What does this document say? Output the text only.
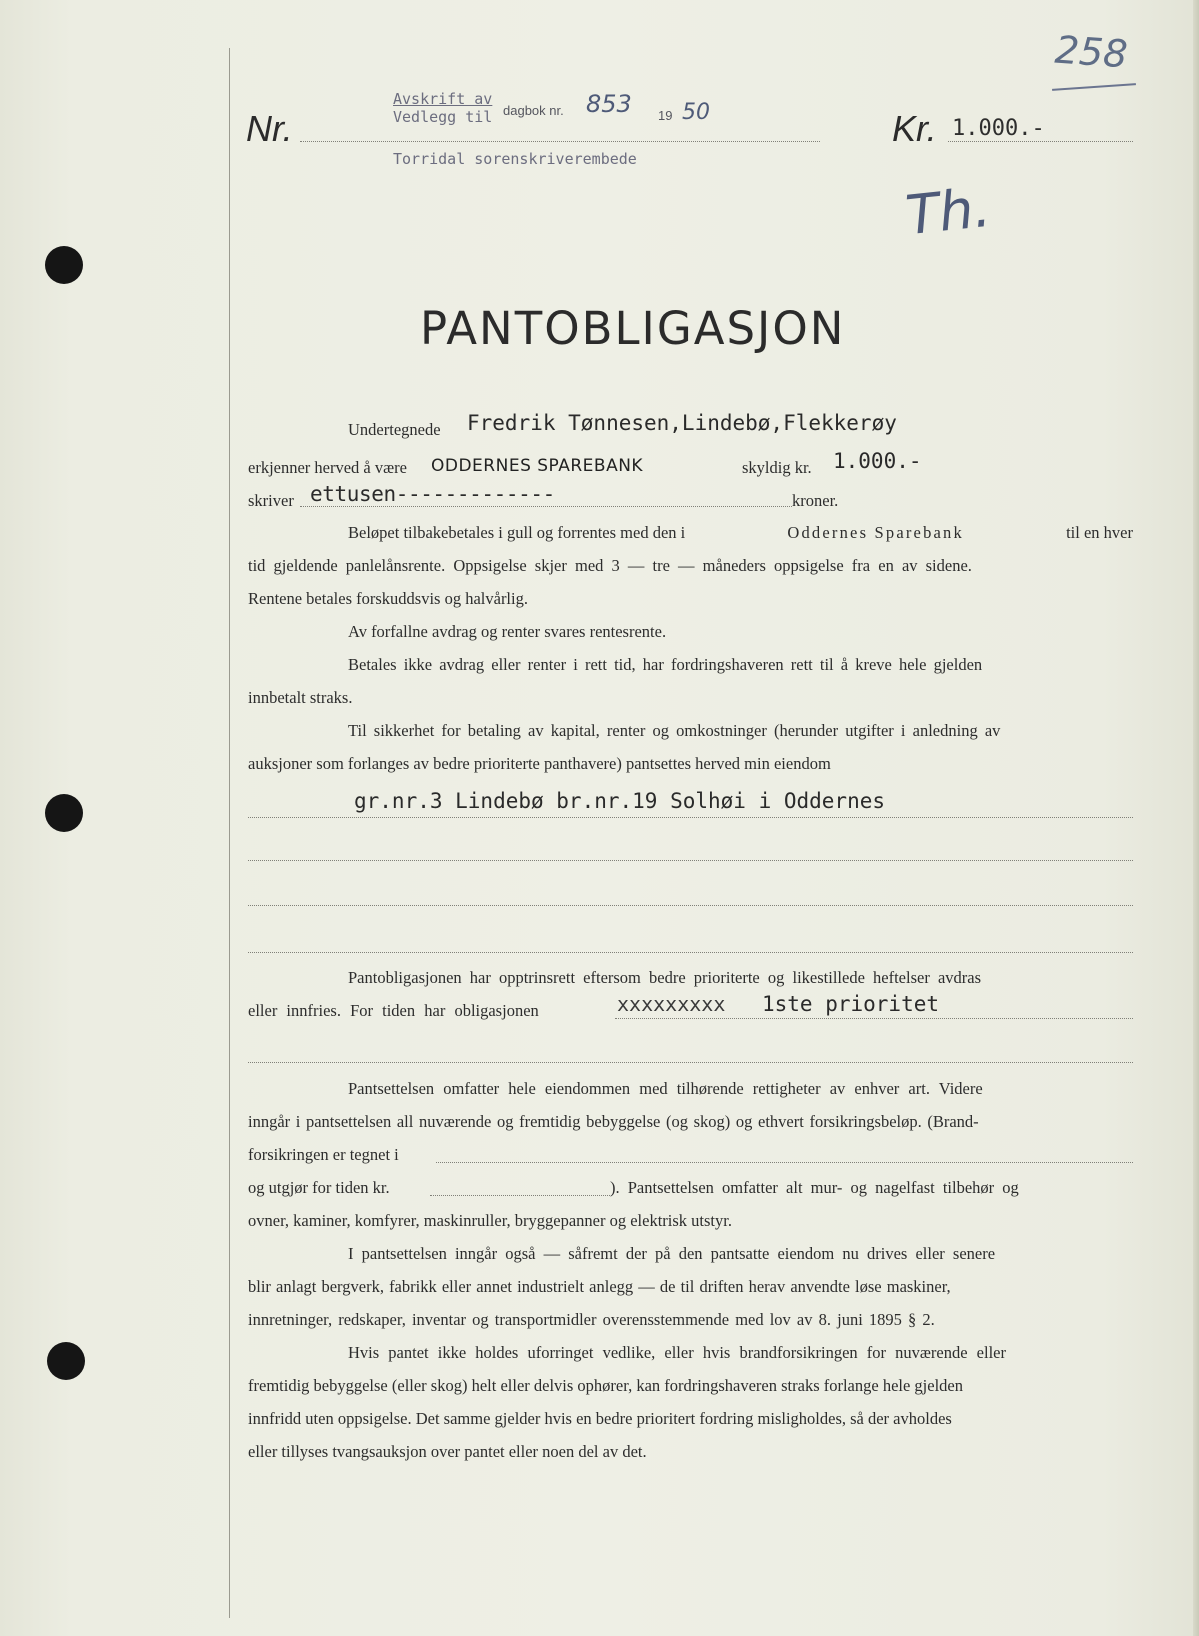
258
Nr.
Avskrift av
Vedlegg til dagbok nr. 853 19 50
Torridal sorenskriverembede
Kr. 1.000.-
Th.
PANTOBLIGASJON
Undertegnede Fredrik Tønnesen,Lindebø,Flekkerøy
erkjenner herved å være ODDERNES SPAREBANK	skyldig kr. 1.000.-
skriver ettusen-------------	kroner.
Beløpet tilbakebetales i gull og forrentes med den i	Oddernes Sparebank	til en hver
tid gjeldende panlelånsrente. Oppsigelse skjer med 3 — tre — måneders oppsigelse fra en av sidene.
Rentene betales forskuddsvis og halvårlig.
Av forfallne avdrag og renter svares rentesrente.
Betales ikke avdrag eller renter i rett tid, har fordringshaveren rett til å kreve hele gjelden
innbetalt straks.
Til sikkerhet for betaling av kapital, renter og omkostninger (herunder utgifter i anledning av
auksjoner som forlanges av bedre prioriterte panthavere) pantsettes herved min eiendom
gr.nr.3 Lindebø br.nr.19 Solhøi i Oddernes
Pantobligasjonen har opptrinsrett eftersom bedre prioriterte og likestillede heftelser avdras
eller innfries. For tiden har obligasjonen	xxxxxxxxx 1ste prioritet
Pantsettelsen omfatter hele eiendommen med tilhørende rettigheter av enhver art. Videre
inngår i pantsettelsen all nuværende og fremtidig bebyggelse (og skog) og ethvert forsikringsbeløp. (Brand-
forsikringen er tegnet i
og utgjør for tiden kr.	). Pantsettelsen omfatter alt mur- og nagelfast tilbehør og
ovner, kaminer, komfyrer, maskinruller, bryggepanner og elektrisk utstyr.
I pantsettelsen inngår også — såfremt der på den pantsatte eiendom nu drives eller senere
blir anlagt bergverk, fabrikk eller annet industrielt anlegg — de til driften herav anvendte løse maskiner,
innretninger, redskaper, inventar og transportmidler overensstemmende med lov av 8. juni 1895 § 2.
Hvis pantet ikke holdes uforringet vedlike, eller hvis brandforsikringen for nuværende eller
fremtidig bebyggelse (eller skog) helt eller delvis ophører, kan fordringshaveren straks forlange hele gjelden
innfridd uten oppsigelse. Det samme gjelder hvis en bedre prioritert fordring misligholdes, så der avholdes
eller tillyses tvangsauksjon over pantet eller noen del av det.
